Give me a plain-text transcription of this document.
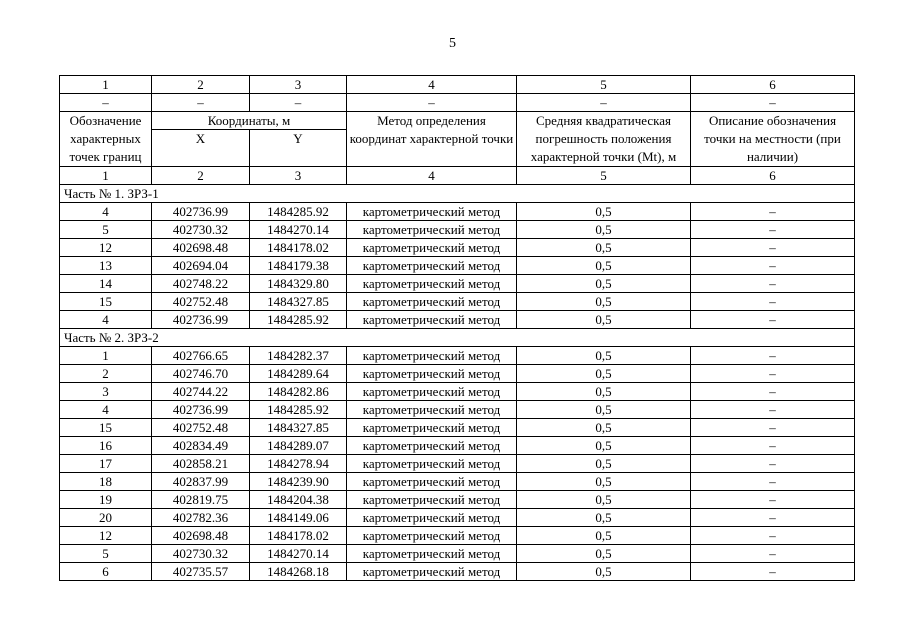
5
1	2	3	4	5	6
–	–	–	–	–	–
Обозначение характерных точек границ	Координаты, м		Метод определения координат характерной точки	Средняя квадратическая погрешность положения характерной точки (Mt), м	Описание обозначения точки на местности (при наличии)
	X	Y			
1	2	3	4	5	6
Часть № 1. ЗРЗ-1					
4	402736.99	1484285.92	картометрический метод	0,5	–
5	402730.32	1484270.14	картометрический метод	0,5	–
12	402698.48	1484178.02	картометрический метод	0,5	–
13	402694.04	1484179.38	картометрический метод	0,5	–
14	402748.22	1484329.80	картометрический метод	0,5	–
15	402752.48	1484327.85	картометрический метод	0,5	–
4	402736.99	1484285.92	картометрический метод	0,5	–
Часть № 2. ЗРЗ-2					
1	402766.65	1484282.37	картометрический метод	0,5	–
2	402746.70	1484289.64	картометрический метод	0,5	–
3	402744.22	1484282.86	картометрический метод	0,5	–
4	402736.99	1484285.92	картометрический метод	0,5	–
15	402752.48	1484327.85	картометрический метод	0,5	–
16	402834.49	1484289.07	картометрический метод	0,5	–
17	402858.21	1484278.94	картометрический метод	0,5	–
18	402837.99	1484239.90	картометрический метод	0,5	–
19	402819.75	1484204.38	картометрический метод	0,5	–
20	402782.36	1484149.06	картометрический метод	0,5	–
12	402698.48	1484178.02	картометрический метод	0,5	–
5	402730.32	1484270.14	картометрический метод	0,5	–
6	402735.57	1484268.18	картометрический метод	0,5	–
